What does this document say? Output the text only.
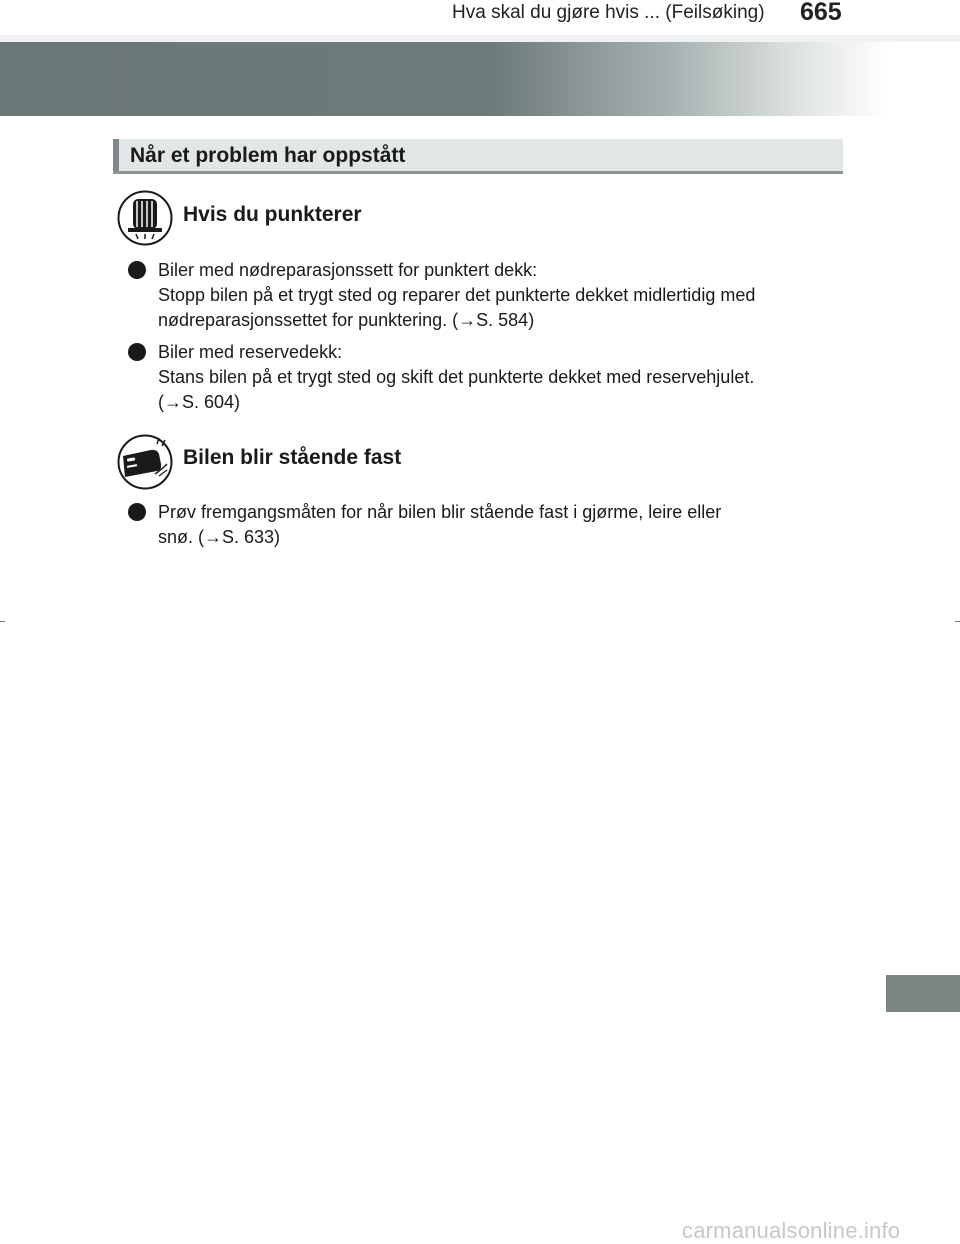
Hva skal du gjøre hvis ... (Feilsøking) 665
Når et problem har oppstått
Hvis du punkterer
Biler med nødreparasjonssett for punktert dekk:
Stopp bilen på et trygt sted og reparer det punkterte dekket midlertidig med
nødreparasjonssettet for punktering. (→S. 584)
Biler med reservedekk:
Stans bilen på et trygt sted og skift det punkterte dekket med reservehjulet.
(→S. 604)
Bilen blir stående fast
Prøv fremgangsmåten for når bilen blir stående fast i gjørme, leire eller
snø. (→S. 633)
carmanualsonline.info
